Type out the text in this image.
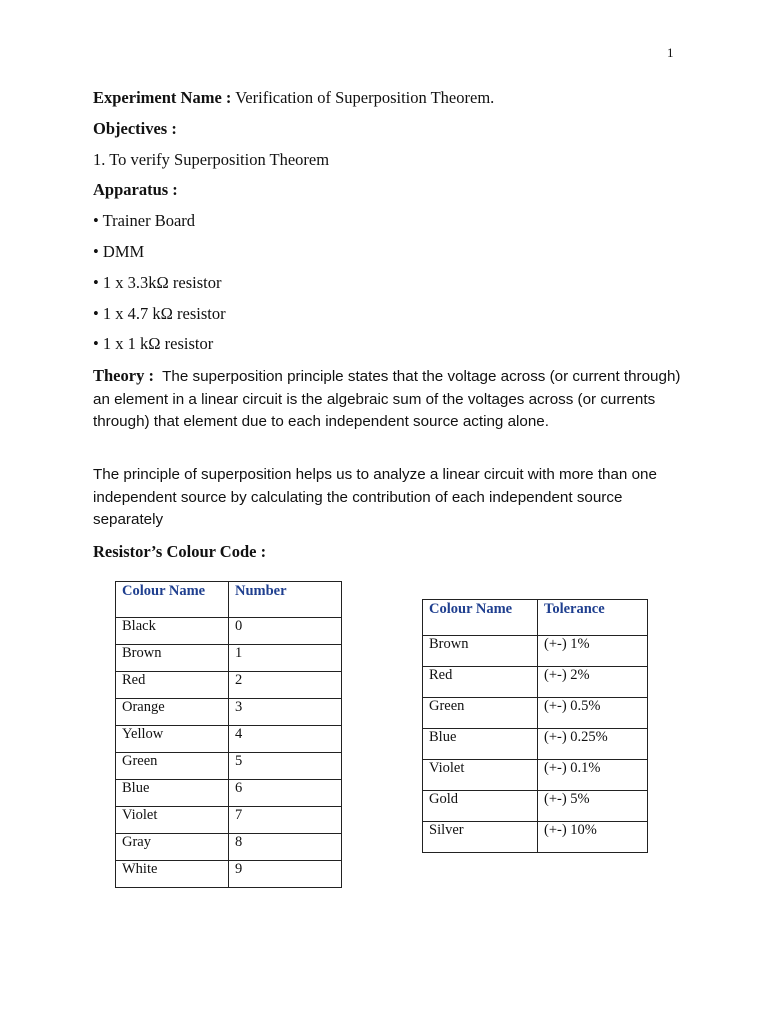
1
Experiment Name : Verification of Superposition Theorem.
Objectives :
1. To verify Superposition Theorem
Apparatus :
• Trainer Board
• DMM
• 1 x 3.3kΩ resistor
• 1 x 4.7 kΩ resistor
• 1 x 1 kΩ resistor
Theory : The superposition principle states that the voltage across (or current through) an element in a linear circuit is the algebraic sum of the voltages across (or currents through) that element due to each independent source acting alone.
The principle of superposition helps us to analyze a linear circuit with more than one independent source by calculating the contribution of each independent source separately
Resistor’s Colour Code :
Colour Name	Number
Black	0
Brown	1
Red	2
Orange	3
Yellow	4
Green	5
Blue	6
Violet	7
Gray	8
White	9
Colour Name	Tolerance
Brown	(+-) 1%
Red	(+-) 2%
Green	(+-) 0.5%
Blue	(+-) 0.25%
Violet	(+-) 0.1%
Gold	(+-) 5%
Silver	(+-) 10%
